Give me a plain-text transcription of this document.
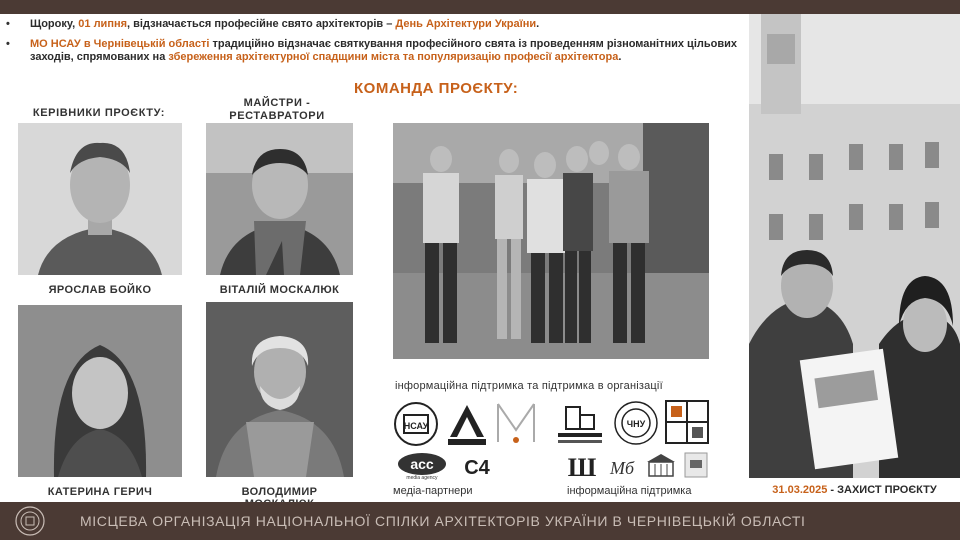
• Щороку, 01 липня, відзначається професійне свято архітекторів – День Архітектури України.
• МО НСАУ в Чернівецькій області традиційно відзначає святкування професійного свята із проведенням різноманітних цільових заходів, спрямованих на збереження архітектурної спадщини міста та популяризацію професії архітектора.
КОМАНДА ПРОЄКТУ:
КЕРІВНИКИ ПРОЄКТУ:
МАЙСТРИ - РЕСТАВРАТОРИ
ЯРОСЛАВ БОЙКО	ВІТАЛІЙ МОСКАЛЮК
КАТЕРИНА ГЕРИЧ	ВОЛОДИМИР
інформаційна підтримка та підтримка в організації
НСАУ	ЧНУ
acc
media agency C4	Ш Мб
медіа-партнери	інформаційна підтримка	31.03.2025 - ЗАХИСТ ПРОЄКТУ
МІСЦЕВА ОРГАНІЗАЦІЯ НАЦІОНАЛЬНОЇ СПІЛКИ АРХІТЕКТОРІВ УКРАЇНИ В ЧЕРНІВЕЦЬКІЙ ОБЛАСТІ
